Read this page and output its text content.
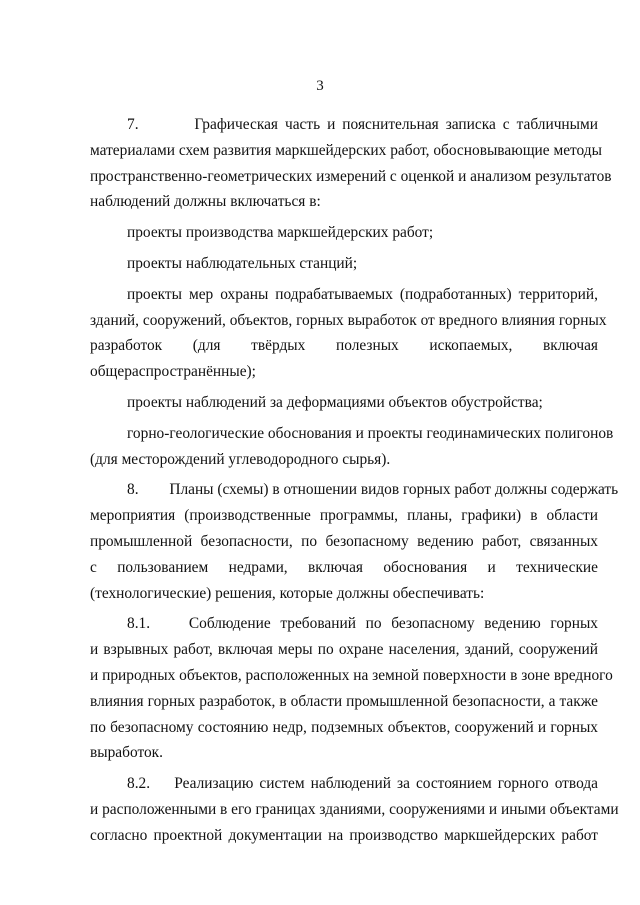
3
7.        Графическая часть и пояснительная записка с табличными
материалами схем развития маркшейдерских работ, обосновывающие методы
пространственно-геометрических измерений с оценкой и анализом результатов
наблюдений должны включаться в:
проекты производства маркшейдерских работ;
проекты наблюдательных станций;
проекты мер охраны подрабатываемых (подработанных) территорий,
зданий, сооружений, объектов, горных выработок от вредного влияния горных
разработок (для твёрдых полезных ископаемых, включая
общераспространённые);
проекты наблюдений за деформациями объектов обустройства;
горно-геологические обоснования и проекты геодинамических полигонов
(для месторождений углеводородного сырья).
8.        Планы (схемы) в отношении видов горных работ должны содержать
мероприятия (производственные программы, планы, графики) в области
промышленной безопасности, по безопасному ведению работ, связанных
с пользованием недрами, включая обоснования и технические
(технологические) решения, которые должны обеспечивать:
8.1.    Соблюдение требований по безопасному ведению горных
и взрывных работ, включая меры по охране населения, зданий, сооружений
и природных объектов, расположенных на земной поверхности в зоне вредного
влияния горных разработок, в области промышленной безопасности, а также
по безопасному состоянию недр, подземных объектов, сооружений и горных
выработок.
8.2.    Реализацию систем наблюдений за состоянием горного отвода
и расположенными в его границах зданиями, сооружениями и иными объектами
согласно проектной документации на производство маркшейдерских работ
